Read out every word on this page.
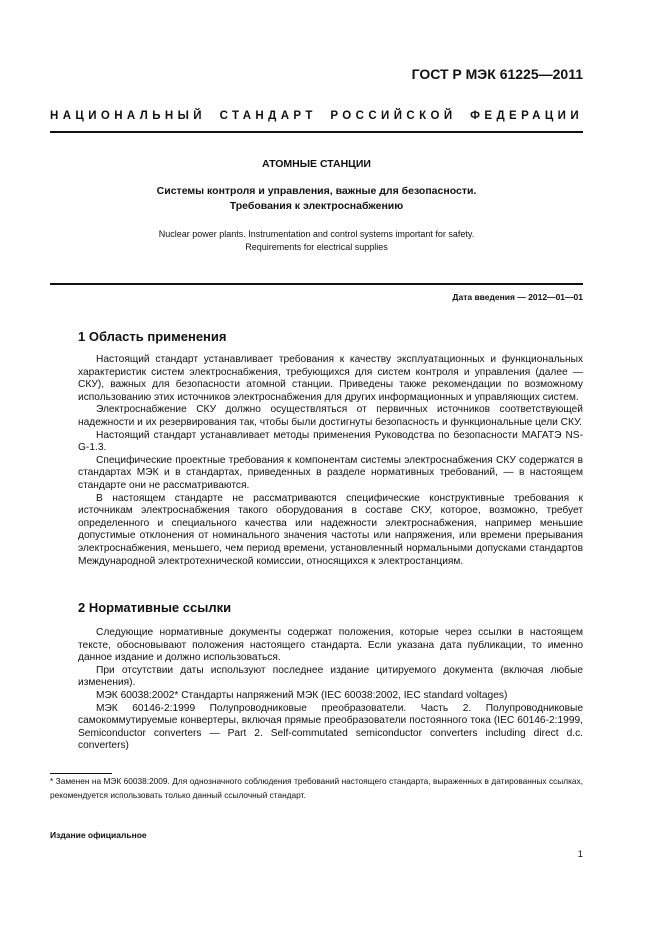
ГОСТ Р МЭК 61225—2011
НАЦИОНАЛЬНЫЙ СТАНДАРТ РОССИЙСКОЙ ФЕДЕРАЦИИ
АТОМНЫЕ СТАНЦИИ
Системы контроля и управления, важные для безопасности.
Требования к электроснабжению
Nuclear power plants. Instrumentation and control systems important for safety.
Requirements for electrical supplies
Дата введения — 2012—01—01
1 Область применения

Настоящий стандарт устанавливает требования к качеству эксплуатационных и функциональных характеристик систем электроснабжения, требующихся для систем контроля и управления (далее — СКУ), важных для безопасности атомной станции. Приведены также рекомендации по возможному использованию этих источников электроснабжения для других информационных и управляющих систем.

Электроснабжение СКУ должно осуществляться от первичных источников соответствующей надежности и их резервирования так, чтобы были достигнуты безопасность и функциональные цели СКУ.

Настоящий стандарт устанавливает методы применения Руководства по безопасности МАГАТЭ NS-G-1.3.

Специфические проектные требования к компонентам системы электроснабжения СКУ содержатся в стандартах МЭК и в стандартах, приведенных в разделе нормативных требований, — в настоящем стандарте они не рассматриваются.

В настоящем стандарте не рассматриваются специфические конструктивные требования к источникам электроснабжения такого оборудования в составе СКУ, которое, возможно, требует определенного и специального качества или надежности электроснабжения, например меньшие допустимые отклонения от номинального значения частоты или напряжения, или времени прерывания электроснабжения, меньшего, чем период времени, установленный нормальными допусками стандартов Международной электротехнической комиссии, относящихся к электростанциям.

2 Нормативные ссылки

Следующие нормативные документы содержат положения, которые через ссылки в настоящем тексте, обосновывают положения настоящего стандарта. Если указана дата публикации, то именно данное издание и должно использоваться.

При отсутствии даты используют последнее издание цитируемого документа (включая любые изменения).

МЭК 60038:2002* Стандарты напряжений МЭК (IEC 60038:2002, IEC standard voltages)

МЭК 60146-2:1999 Полупроводниковые преобразователи. Часть 2. Полупроводниковые самокоммутируемые конвертеры, включая прямые преобразователи постоянного тока (IEC 60146-2:1999, Semiconductor converters — Part 2. Self-commutated semiconductor converters including direct d.c. converters)

* Заменен на МЭК 60038:2009. Для однозначного соблюдения требований настоящего стандарта, выраженных в датированных ссылках, рекомендуется использовать только данный ссылочный стандарт.
Издание официальное
1
